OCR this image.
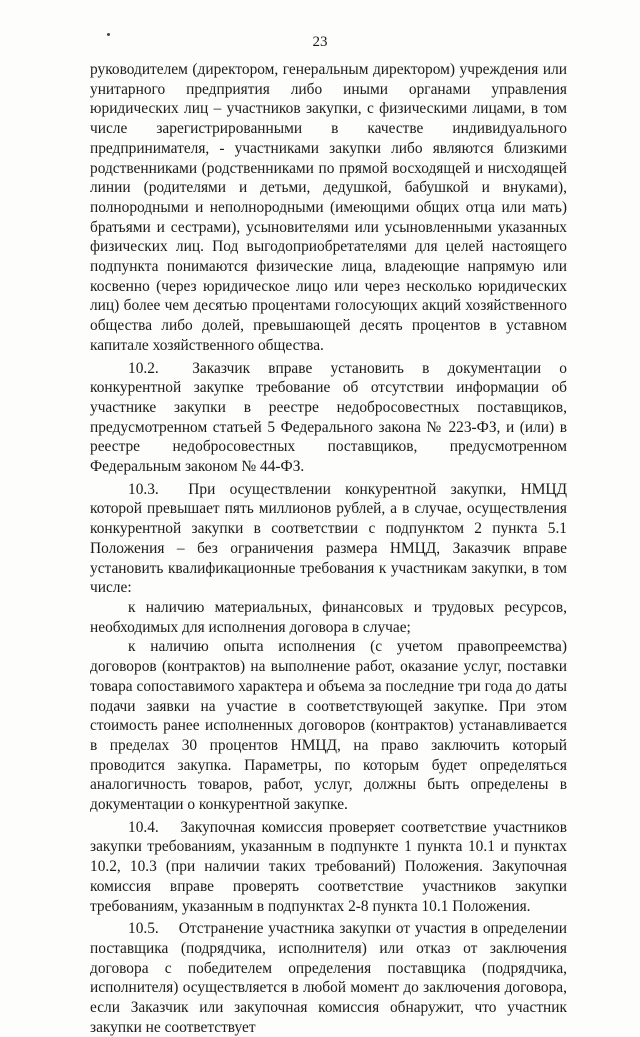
23

руководителем (директором, генеральным директором) учреждения или унитарного предприятия либо иными органами управления юридических лиц – участников закупки, с физическими лицами, в том числе зарегистрированными в качестве индивидуального предпринимателя, - участниками закупки либо являются близкими родственниками (родственниками по прямой восходящей и нисходящей линии (родителями и детьми, дедушкой, бабушкой и внуками), полнородными и неполнородными (имеющими общих отца или мать) братьями и сестрами), усыновителями или усыновленными указанных физических лиц. Под выгодоприобретателями для целей настоящего подпункта понимаются физические лица, владеющие напрямую или косвенно (через юридическое лицо или через несколько юридических лиц) более чем десятью процентами голосующих акций хозяйственного общества либо долей, превышающей десять процентов в уставном капитале хозяйственного общества.

10.2. Заказчик вправе установить в документации о конкурентной закупке требование об отсутствии информации об участнике закупки в реестре недобросовестных поставщиков, предусмотренном статьей 5 Федерального закона № 223-ФЗ, и (или) в реестре недобросовестных поставщиков, предусмотренном Федеральным законом № 44-ФЗ.

10.3. При осуществлении конкурентной закупки, НМЦД которой превышает пять миллионов рублей, а в случае, осуществления конкурентной закупки в соответствии с подпунктом 2 пункта 5.1 Положения – без ограничения размера НМЦД, Заказчик вправе установить квалификационные требования к участникам закупки, в том числе:

к наличию материальных, финансовых и трудовых ресурсов, необходимых для исполнения договора в случае;

к наличию опыта исполнения (с учетом правопреемства) договоров (контрактов) на выполнение работ, оказание услуг, поставки товара сопоставимого характера и объема за последние три года до даты подачи заявки на участие в соответствующей закупке. При этом стоимость ранее исполненных договоров (контрактов) устанавливается в пределах 30 процентов НМЦД, на право заключить который проводится закупка. Параметры, по которым будет определяться аналогичность товаров, работ, услуг, должны быть определены в документации о конкурентной закупке.

10.4. Закупочная комиссия проверяет соответствие участников закупки требованиям, указанным в подпункте 1 пункта 10.1 и пунктах 10.2, 10.3 (при наличии таких требований) Положения. Закупочная комиссия вправе проверять соответствие участников закупки требованиям, указанным в подпунктах 2-8 пункта 10.1 Положения.

10.5. Отстранение участника закупки от участия в определении поставщика (подрядчика, исполнителя) или отказ от заключения договора с победителем определения поставщика (подрядчика, исполнителя) осуществляется в любой момент до заключения договора, если Заказчик или закупочная комиссия обнаружит, что участник закупки не соответствует
